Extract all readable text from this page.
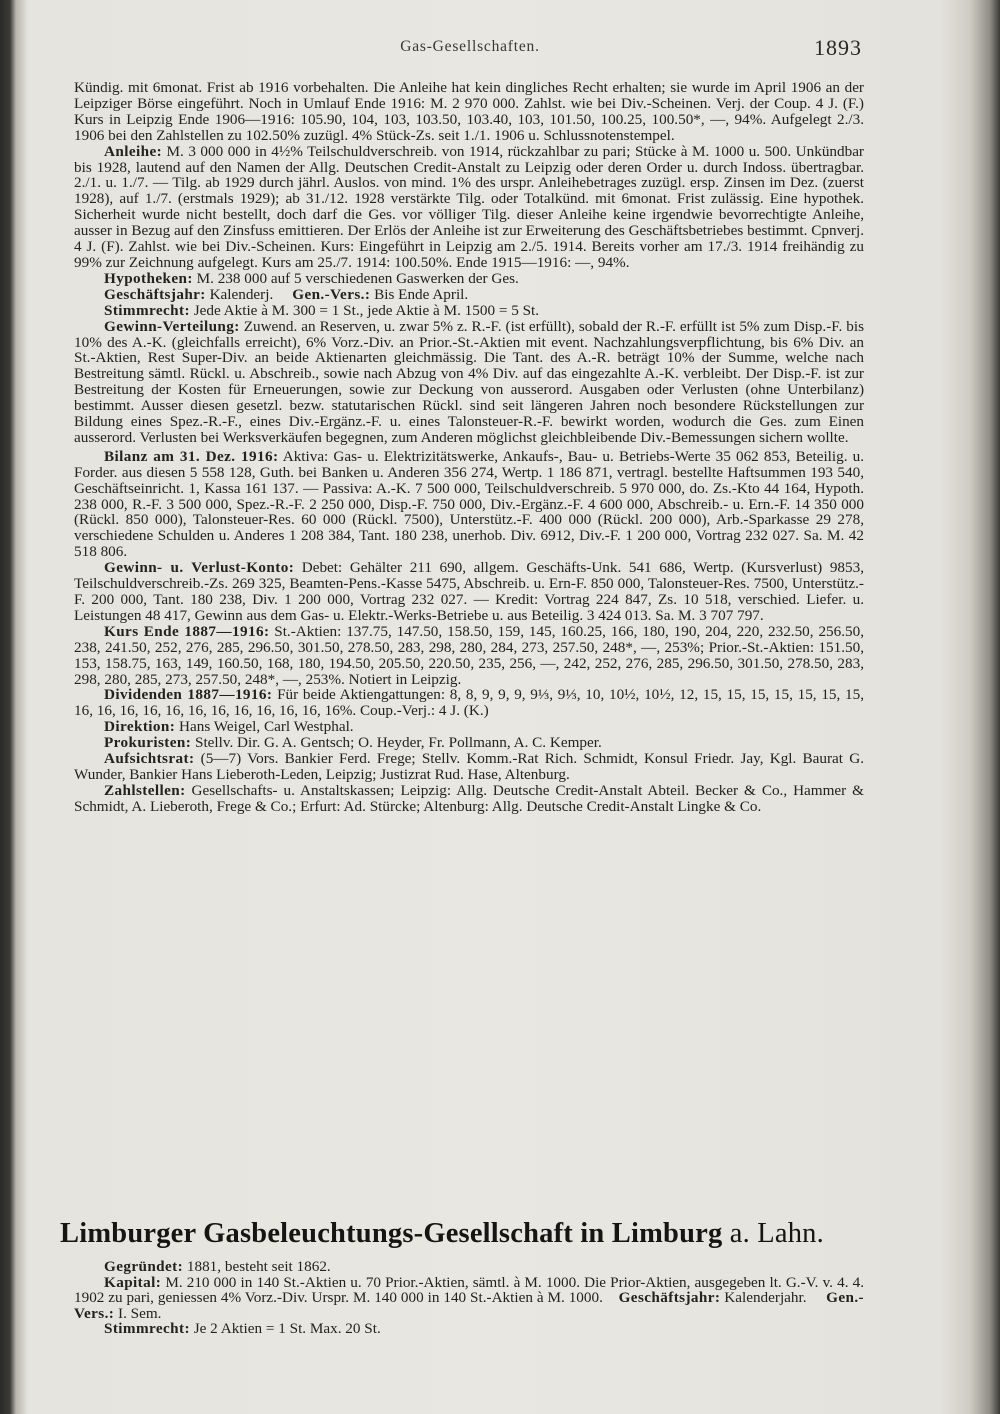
Gas-Gesellschaften.	1893

Kündig. mit 6monat. Frist ab 1916 vorbehalten. Die Anleihe hat kein dingliches Recht erhalten; sie wurde im April 1906 an der Leipziger Börse eingeführt. Noch in Umlauf Ende 1916: M. 2 970 000. Zahlst. wie bei Div.-Scheinen. Verj. der Coup. 4 J. (F.) Kurs in Leipzig Ende 1906—1916: 105.90, 104, 103, 103.50, 103.40, 103, 101.50, 100.25, 100.50*, —, 94%. Aufgelegt 2./3. 1906 bei den Zahlstellen zu 102.50% zuzügl. 4% Stück-Zs. seit 1./1. 1906 u. Schlussnotenstempel.

Anleihe: M. 3 000 000 in 4½% Teilschuldverschreib. von 1914, rückzahlbar zu pari; Stücke à M. 1000 u. 500. Unkündbar bis 1928, lautend auf den Namen der Allg. Deutschen Credit-Anstalt zu Leipzig oder deren Order u. durch Indoss. übertragbar. 2./1. u. 1./7. — Tilg. ab 1929 durch jährl. Auslos. von mind. 1% des urspr. Anleihebetrages zuzügl. ersp. Zinsen im Dez. (zuerst 1928), auf 1./7. (erstmals 1929); ab 31./12. 1928 verstärkte Tilg. oder Totalkünd. mit 6monat. Frist zulässig. Eine hypothek. Sicherheit wurde nicht bestellt, doch darf die Ges. vor völliger Tilg. dieser Anleihe keine irgendwie bevorrechtigte Anleihe, ausser in Bezug auf den Zinsfuss emittieren. Der Erlös der Anleihe ist zur Erweiterung des Geschäftsbetriebes bestimmt. Cpnverj. 4 J. (F). Zahlst. wie bei Div.-Scheinen. Kurs: Eingeführt in Leipzig am 2./5. 1914. Bereits vorher am 17./3. 1914 freihändig zu 99% zur Zeichnung aufgelegt. Kurs am 25./7. 1914: 100.50%. Ende 1915—1916: —, 94%.

Hypotheken: M. 238 000 auf 5 verschiedenen Gaswerken der Ges.

Geschäftsjahr: Kalenderj. Gen.-Vers.: Bis Ende April.

Stimmrecht: Jede Aktie à M. 300 = 1 St., jede Aktie à M. 1500 = 5 St.

Gewinn-Verteilung: Zuwend. an Reserven, u. zwar 5% z. R.-F. (ist erfüllt), sobald der R.-F. erfüllt ist 5% zum Disp.-F. bis 10% des A.-K. (gleichfalls erreicht), 6% Vorz.-Div. an Prior.-St.-Aktien mit event. Nachzahlungsverpflichtung, bis 6% Div. an St.-Aktien, Rest Super-Div. an beide Aktienarten gleichmässig. Die Tant. des A.-R. beträgt 10% der Summe, welche nach Bestreitung sämtl. Rückl. u. Abschreib., sowie nach Abzug von 4% Div. auf das eingezahlte A.-K. verbleibt. Der Disp.-F. ist zur Bestreitung der Kosten für Erneuerungen, sowie zur Deckung von ausserord. Ausgaben oder Verlusten (ohne Unterbilanz) bestimmt. Ausser diesen gesetzl. bezw. statutarischen Rückl. sind seit längeren Jahren noch besondere Rückstellungen zur Bildung eines Spez.-R.-F., eines Div.-Ergänz.-F. u. eines Talonsteuer-R.-F. bewirkt worden, wodurch die Ges. zum Einen ausserord. Verlusten bei Werksverkäufen begegnen, zum Anderen möglichst gleichbleibende Div.-Bemessungen sichern wollte.

Bilanz am 31. Dez. 1916: Aktiva: Gas- u. Elektrizitätswerke, Ankaufs-, Bau- u. Betriebs-Werte 35 062 853, Beteilig. u. Forder. aus diesen 5 558 128, Guth. bei Banken u. Anderen 356 274, Wertp. 1 186 871, vertragl. bestellte Haftsummen 193 540, Geschäftseinricht. 1, Kassa 161 137. — Passiva: A.-K. 7 500 000, Teilschuldverschreib. 5 970 000, do. Zs.-Kto 44 164, Hypoth. 238 000, R.-F. 3 500 000, Spez.-R.-F. 2 250 000, Disp.-F. 750 000, Div.-Ergänz.-F. 4 600 000, Abschreib.- u. Ern.-F. 14 350 000 (Rückl. 850 000), Talonsteuer-Res. 60 000 (Rückl. 7500), Unterstütz.-F. 400 000 (Rückl. 200 000), Arb.-Sparkasse 29 278, verschiedene Schulden u. Anderes 1 208 384, Tant. 180 238, unerhob. Div. 6912, Div.-F. 1 200 000, Vortrag 232 027. Sa. M. 42 518 806.

Gewinn- u. Verlust-Konto: Debet: Gehälter 211 690, allgem. Geschäfts-Unk. 541 686, Wertp. (Kursverlust) 9853, Teilschuldverschreib.-Zs. 269 325, Beamten-Pens.-Kasse 5475, Abschreib. u. Ern-F. 850 000, Talonsteuer-Res. 7500, Unterstütz.-F. 200 000, Tant. 180 238, Div. 1 200 000, Vortrag 232 027. — Kredit: Vortrag 224 847, Zs. 10 518, verschied. Liefer. u. Leistungen 48 417, Gewinn aus dem Gas- u. Elektr.-Werks-Betriebe u. aus Beteilig. 3 424 013. Sa. M. 3 707 797.

Kurs Ende 1887—1916: St.-Aktien: 137.75, 147.50, 158.50, 159, 145, 160.25, 166, 180, 190, 204, 220, 232.50, 256.50, 238, 241.50, 252, 276, 285, 296.50, 301.50, 278.50, 283, 298, 280, 284, 273, 257.50, 248*, —, 253%; Prior.-St.-Aktien: 151.50, 153, 158.75, 163, 149, 160.50, 168, 180, 194.50, 205.50, 220.50, 235, 256, —, 242, 252, 276, 285, 296.50, 301.50, 278.50, 283, 298, 280, 285, 273, 257.50, 248*, —, 253%. Notiert in Leipzig.

Dividenden 1887—1916: Für beide Aktiengattungen: 8, 8, 9, 9, 9, 9⅓, 9⅓, 10, 10½, 10½, 12, 15, 15, 15, 15, 15, 15, 15, 16, 16, 16, 16, 16, 16, 16, 16, 16, 16, 16, 16%. Coup.-Verj.: 4 J. (K.)

Direktion: Hans Weigel, Carl Westphal.

Prokuristen: Stellv. Dir. G. A. Gentsch; O. Heyder, Fr. Pollmann, A. C. Kemper.

Aufsichtsrat: (5—7) Vors. Bankier Ferd. Frege; Stellv. Komm.-Rat Rich. Schmidt, Konsul Friedr. Jay, Kgl. Baurat G. Wunder, Bankier Hans Lieberoth-Leden, Leipzig; Justizrat Rud. Hase, Altenburg.

Zahlstellen: Gesellschafts- u. Anstaltskassen; Leipzig: Allg. Deutsche Credit-Anstalt Abteil. Becker & Co., Hammer & Schmidt, A. Lieberoth, Frege & Co.; Erfurt: Ad. Stürcke; Altenburg: Allg. Deutsche Credit-Anstalt Lingke & Co.

Limburger Gasbeleuchtungs-Gesellschaft in Limburg a. Lahn.

Gegründet: 1881, besteht seit 1862.

Kapital: M. 210 000 in 140 St.-Aktien u. 70 Prior.-Aktien, sämtl. à M. 1000. Die Prior-Aktien, ausgegeben lt. G.-V. v. 4. 4. 1902 zu pari, geniessen 4% Vorz.-Div. Urspr. M. 140 000 in 140 St.-Aktien à M. 1000. Geschäftsjahr: Kalenderjahr. Gen.-Vers.: I. Sem.

Stimmrecht: Je 2 Aktien = 1 St. Max. 20 St.
